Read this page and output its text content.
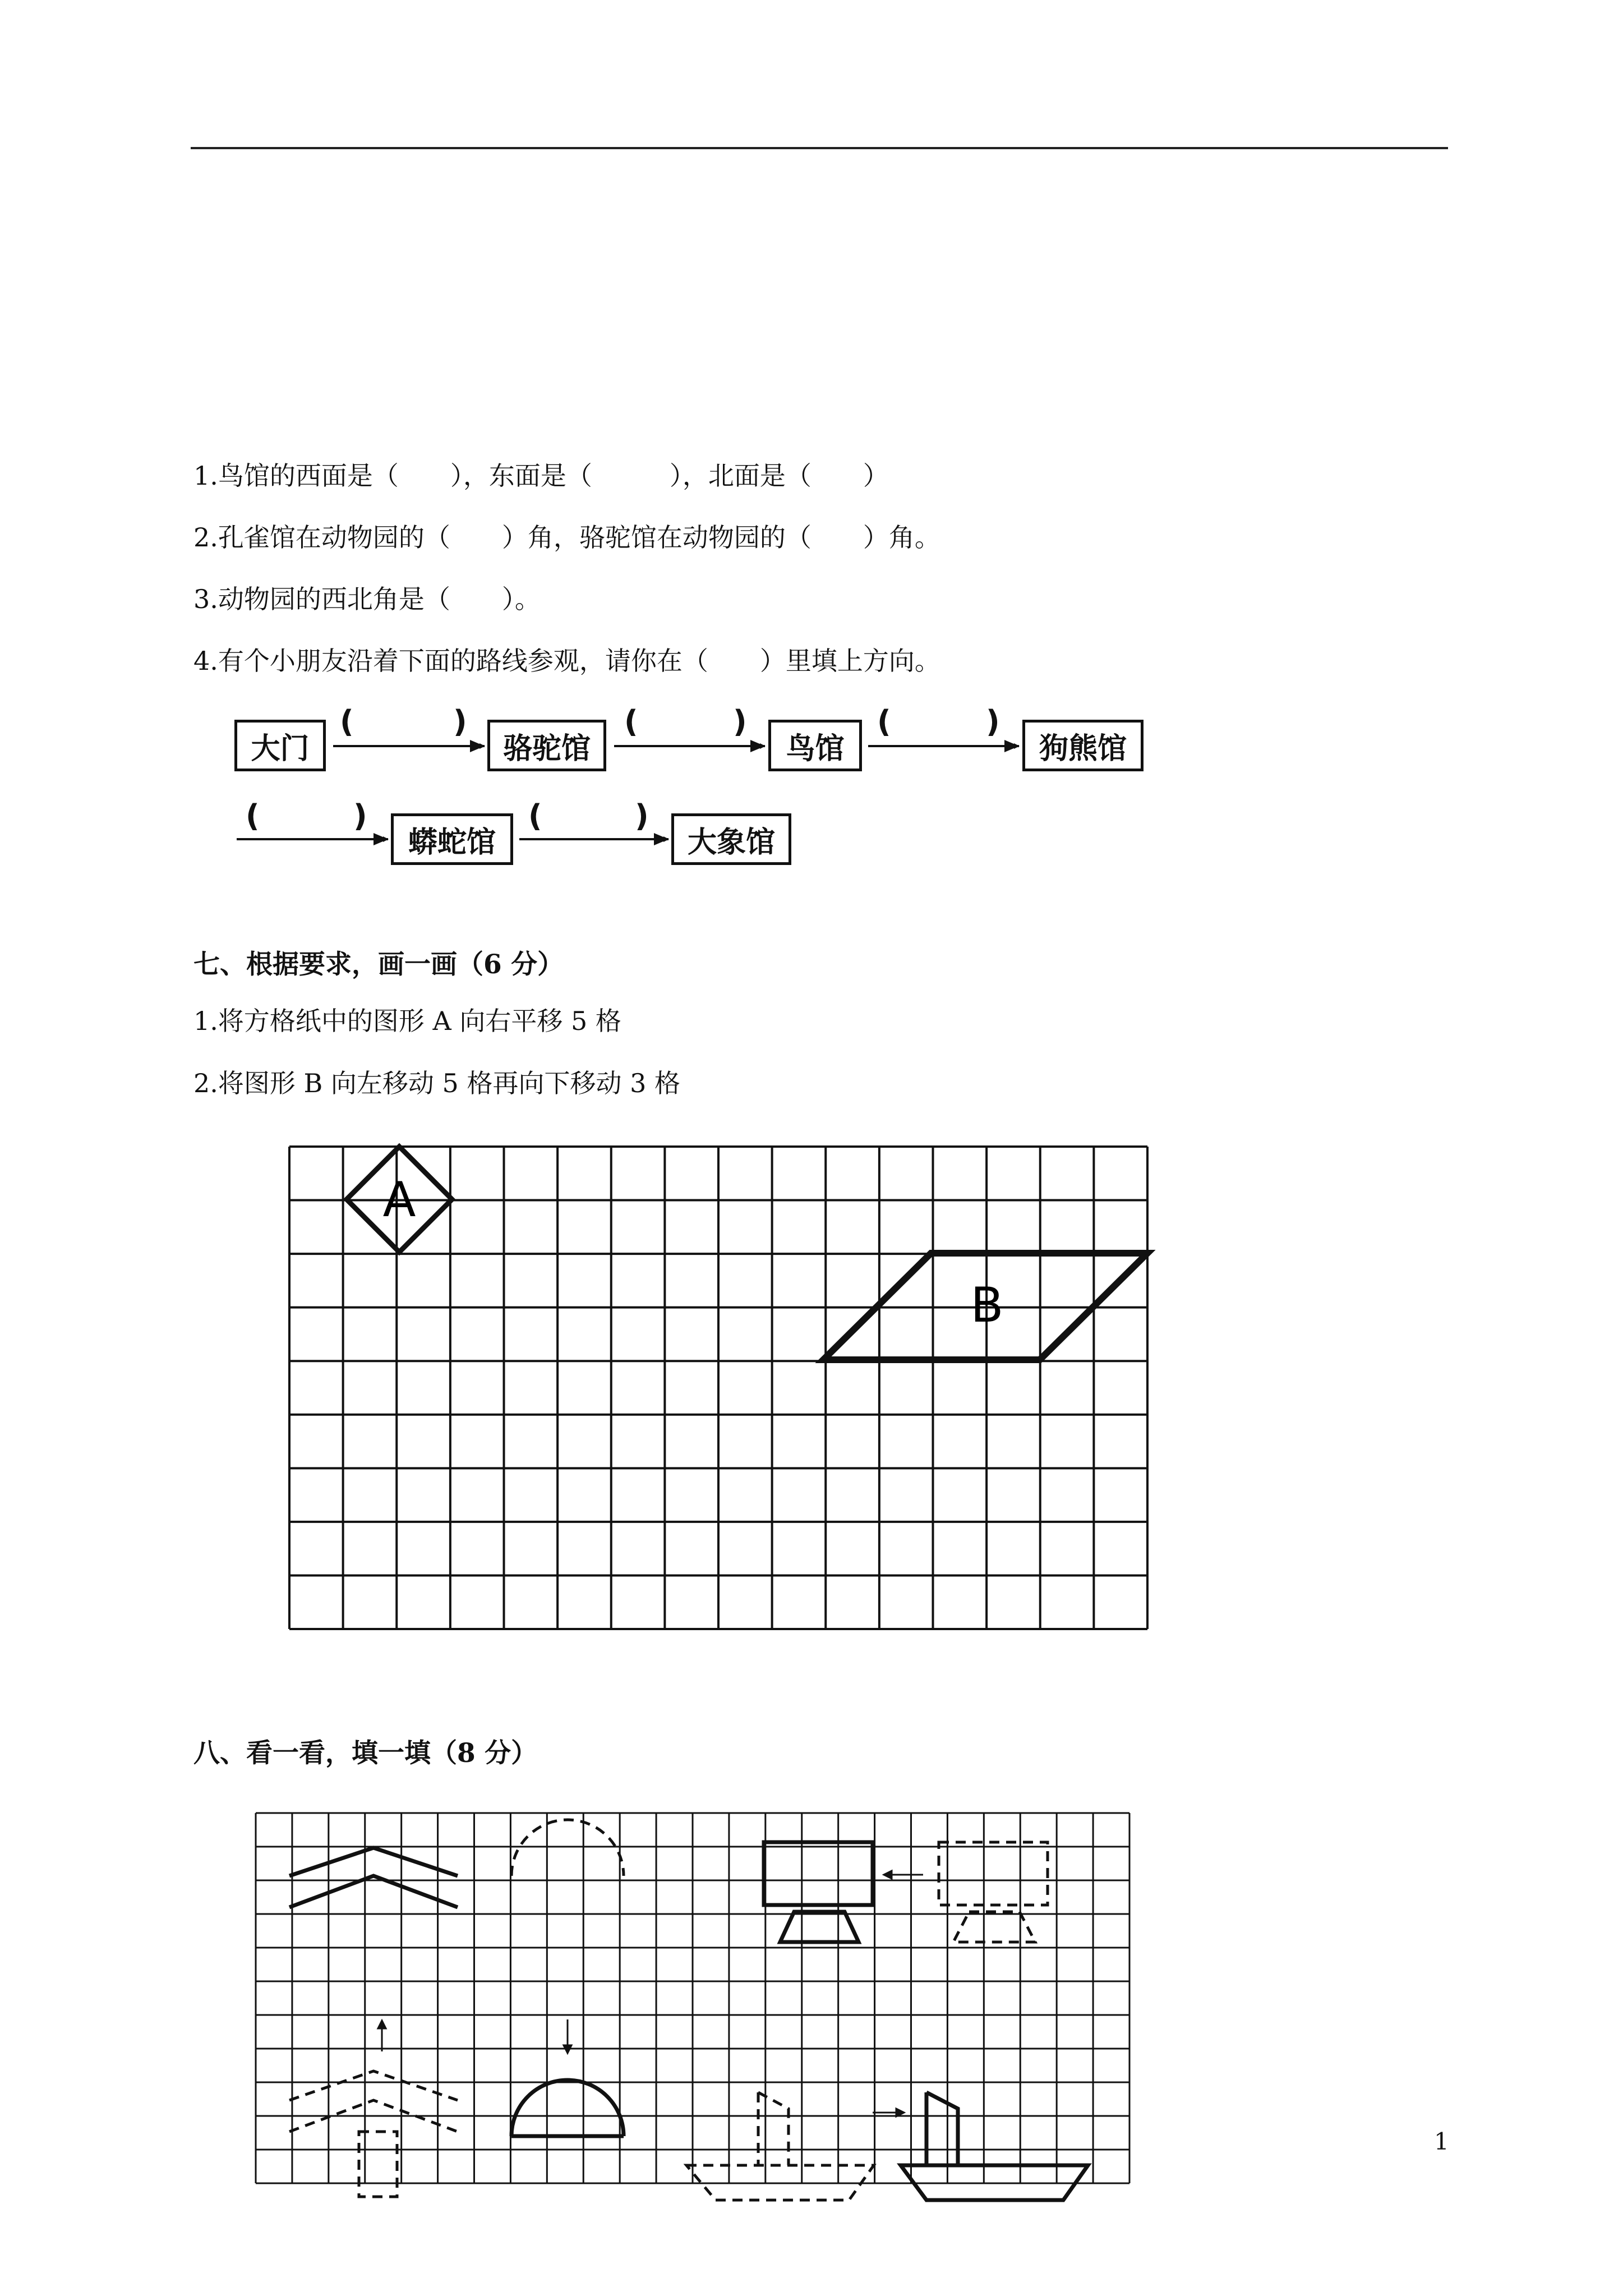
1.鸟馆的西面是（　　），东面是（　　　），北面是（　　）
2.孔雀馆在动物园的（　　）角，骆驼馆在动物园的（　　）角。
3.动物园的西北角是（　　）。
4.有个小朋友沿着下面的路线参观，请你在（　　）里填上方向。
大门	骆驼馆	鸟馆	狗熊馆
蟒蛇馆	大象馆
(	)	(	)	(	)
(	)	(	)
七、根据要求，画一画（6 分）
1.将方格纸中的图形 A 向右平移 5 格
2.将图形 B 向左移动 5 格再向下移动 3 格
A
B
八、看一看，填一填（8 分）
1
